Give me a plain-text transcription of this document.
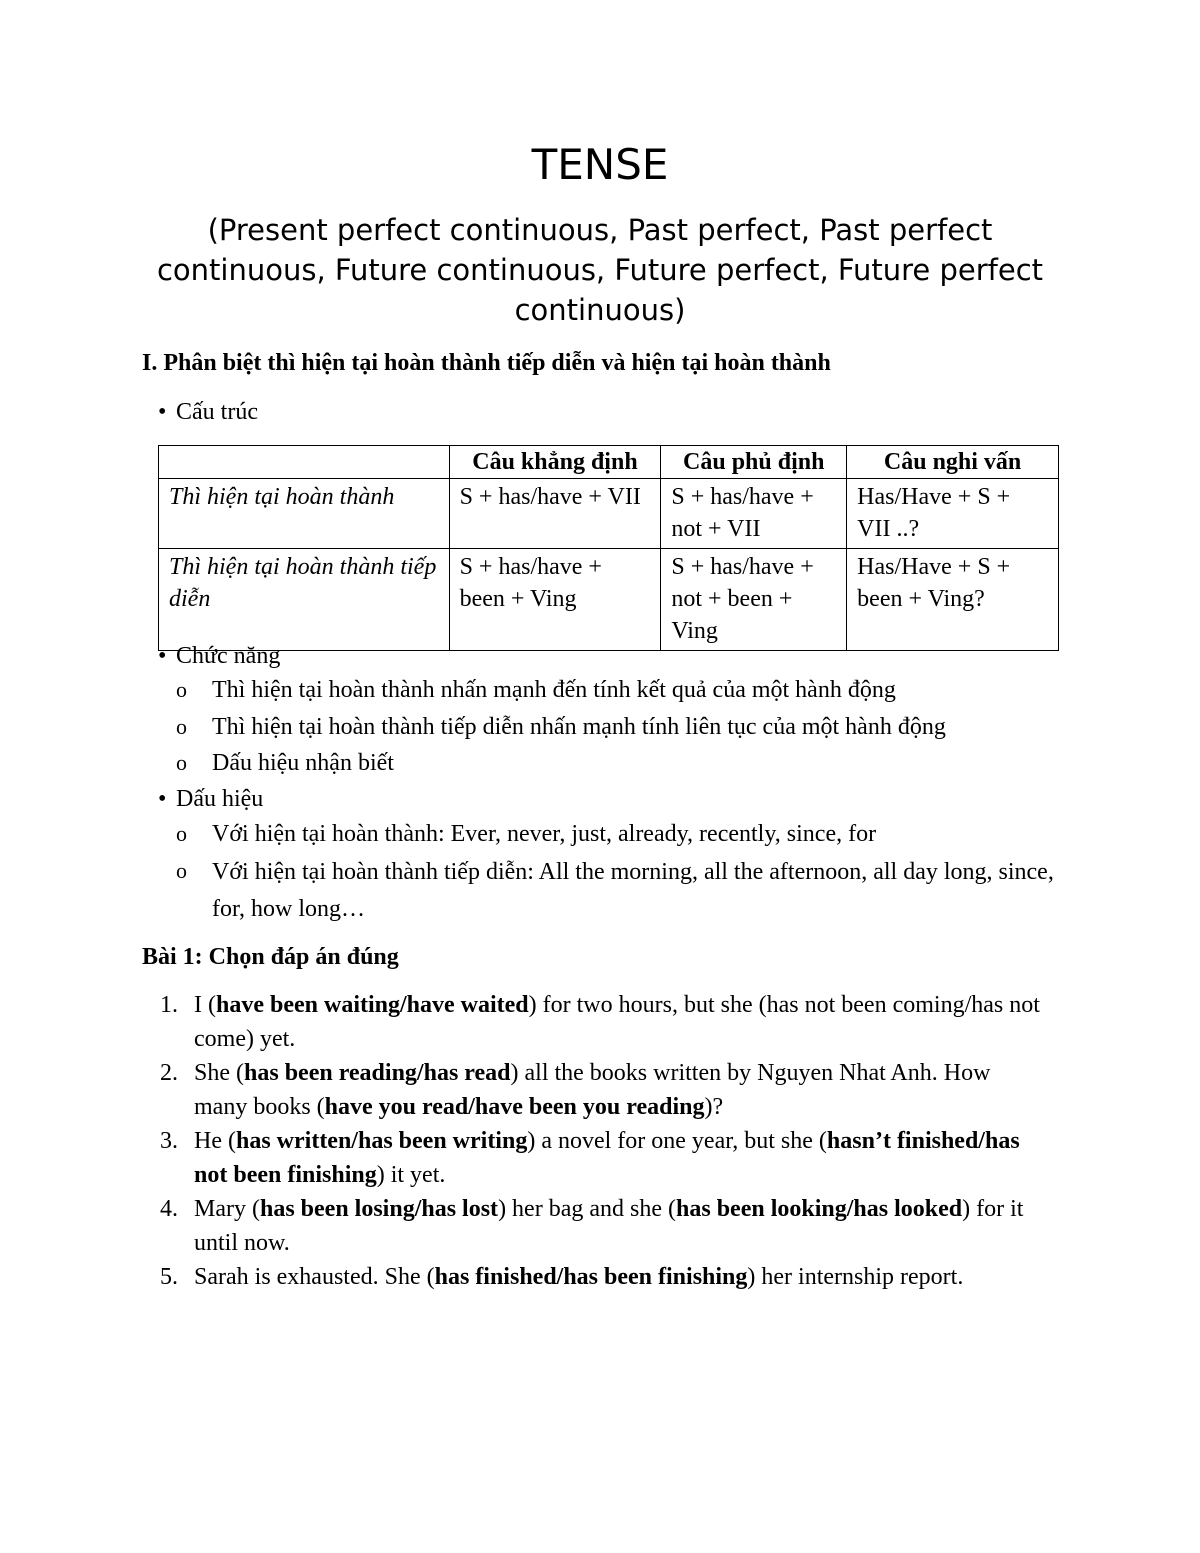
TENSE
(Present perfect continuous, Past perfect, Past perfect continuous, Future continuous, Future perfect, Future perfect continuous)
I. Phân biệt thì hiện tại hoàn thành tiếp diễn và hiện tại hoàn thành
• Cấu trúc
	Câu khẳng định	Câu phủ định	Câu nghi vấn
Thì hiện tại hoàn thành	S + has/have + VII	S + has/have + not + VII	Has/Have + S + VII ..?
Thì hiện tại hoàn thành tiếp diễn	S + has/have + been + Ving	S + has/have + not + been + Ving	Has/Have + S + been + Ving?
• Chức năng
o Thì hiện tại hoàn thành nhấn mạnh đến tính kết quả của một hành động
o Thì hiện tại hoàn thành tiếp diễn nhấn mạnh tính liên tục của một hành động
o Dấu hiệu nhận biết
• Dấu hiệu
o Với hiện tại hoàn thành: Ever, never, just, already, recently, since, for
o Với hiện tại hoàn thành tiếp diễn: All the morning, all the afternoon, all day long, since, for, how long…
Bài 1: Chọn đáp án đúng
1. I (have been waiting/have waited) for two hours, but she (has not been coming/has not come) yet.
2. She (has been reading/has read) all the books written by Nguyen Nhat Anh. How many books (have you read/have been you reading)?
3. He (has written/has been writing) a novel for one year, but she (hasn’t finished/has not been finishing) it yet.
4. Mary (has been losing/has lost) her bag and she (has been looking/has looked) for it until now.
5. Sarah is exhausted. She (has finished/has been finishing) her internship report.
